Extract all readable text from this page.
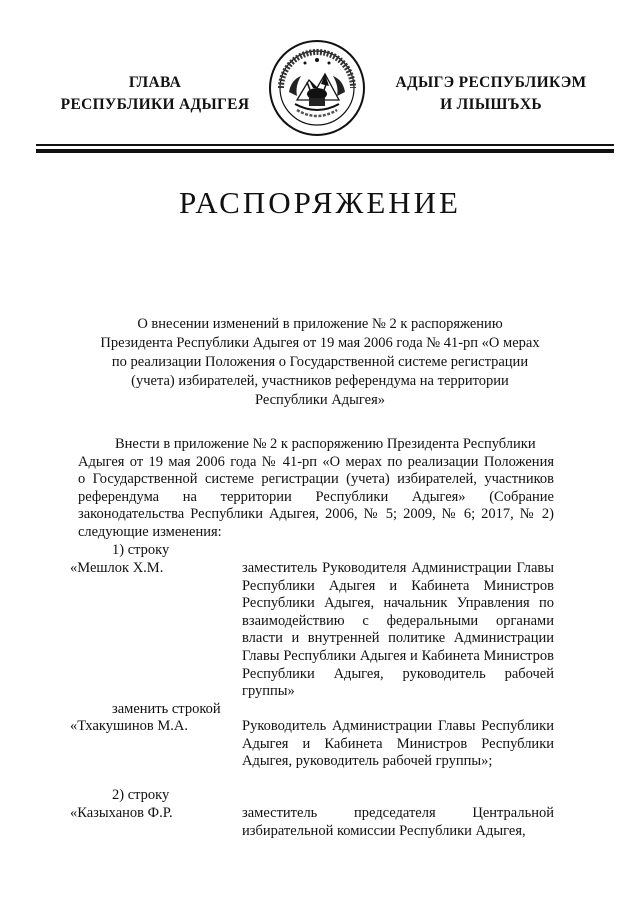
ГЛАВА
РЕСПУБЛИКИ АДЫГЕЯ
АДЫГЭ РЕСПУБЛИКЭМ
И ЛІЫШЪХЬ
РАСПОРЯЖЕНИЕ
О внесении изменений в приложение № 2 к распоряжению
Президента Республики Адыгея от 19 мая 2006 года № 41-рп «О мерах
по реализации Положения о Государственной системе регистрации
(учета) избирателей, участников референдума на территории
Республики Адыгея»
Внести в приложение № 2 к распоряжению Президента Республики
Адыгея от 19 мая 2006 года № 41-рп «О мерах по реализации Положения
о Государственной системе регистрации (учета) избирателей, участников
референдума на территории Республики Адыгея» (Собрание
законодательства Республики Адыгея, 2006, № 5; 2009, № 6; 2017, № 2)
следующие изменения:
1) строку
«Мешлок Х.М.	заместитель Руководителя Администрации Главы Республики Адыгея и Кабинета Министров Республики Адыгея, начальник Управления по взаимодействию с федеральными органами власти и внутренней политике Администрации Главы Республики Адыгея и Кабинета Министров Республики Адыгея, руководитель рабочей группы»
заменить строкой
«Тхакушинов М.А.	Руководитель Администрации Главы Республики Адыгея и Кабинета Министров Республики Адыгея, руководитель рабочей группы»;
2) строку
«Казыханов Ф.Р.	заместитель председателя Центральной избирательной комиссии Республики Адыгея,
